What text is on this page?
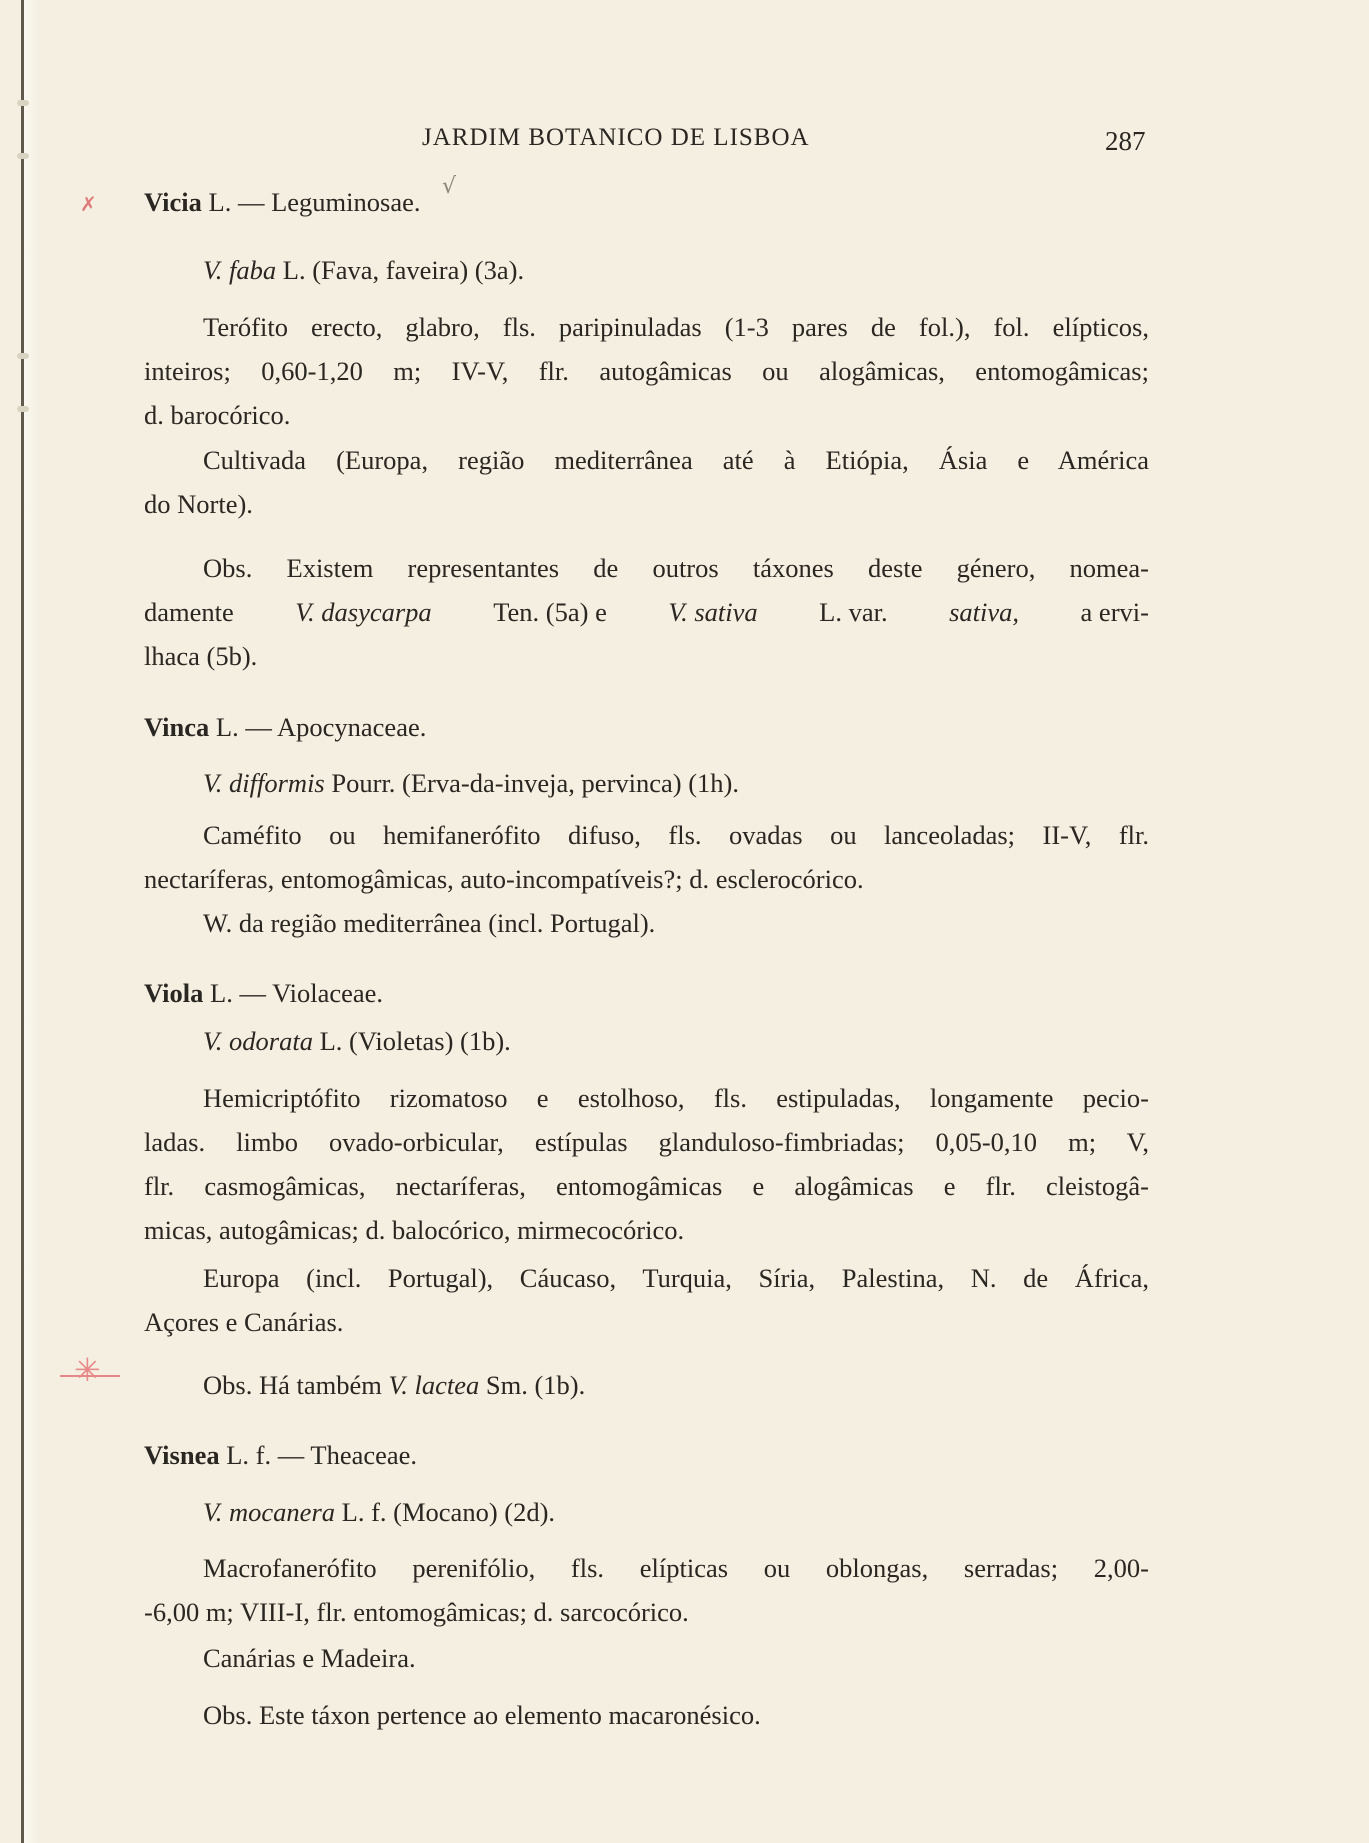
JARDIM BOTANICO DE LISBOA	287
✗
√
✳
Vicia L. — Leguminosae.
V. faba L. (Fava, faveira) (3a).
Terófito erecto, glabro, fls. paripinuladas (1-3 pares de fol.), fol. elípticos,
inteiros; 0,60-1,20 m; IV-V, flr. autogâmicas ou alogâmicas, entomogâmicas;
d. barocórico.
Cultivada (Europa, região mediterrânea até à Etiópia, Ásia e América
do Norte).
Obs. Existem representantes de outros táxones deste género, nomea-
damente V. dasycarpa Ten. (5a) e V. sativa L. var. sativa, a ervi-
lhaca (5b).
Vinca L. — Apocynaceae.
V. difformis Pourr. (Erva-da-inveja, pervinca) (1h).
Caméfito ou hemifanerófito difuso, fls. ovadas ou lanceoladas; II-V, flr.
nectaríferas, entomogâmicas, auto-incompatíveis?; d. esclerocórico.
W. da região mediterrânea (incl. Portugal).
Viola L. — Violaceae.
V. odorata L. (Violetas) (1b).
Hemicriptófito rizomatoso e estolhoso, fls. estipuladas, longamente pecio-
ladas. limbo ovado-orbicular, estípulas glanduloso-fimbriadas; 0,05-0,10 m; V,
flr. casmogâmicas, nectaríferas, entomogâmicas e alogâmicas e flr. cleistogâ-
micas, autogâmicas; d. balocórico, mirmecocórico.
Europa (incl. Portugal), Cáucaso, Turquia, Síria, Palestina, N. de África,
Açores e Canárias.
Obs. Há também V. lactea Sm. (1b).
Visnea L. f. — Theaceae.
V. mocanera L. f. (Mocano) (2d).
Macrofanerófito perenifólio, fls. elípticas ou oblongas, serradas; 2,00-
-6,00 m; VIII-I, flr. entomogâmicas; d. sarcocórico.
Canárias e Madeira.
Obs. Este táxon pertence ao elemento macaronésico.
